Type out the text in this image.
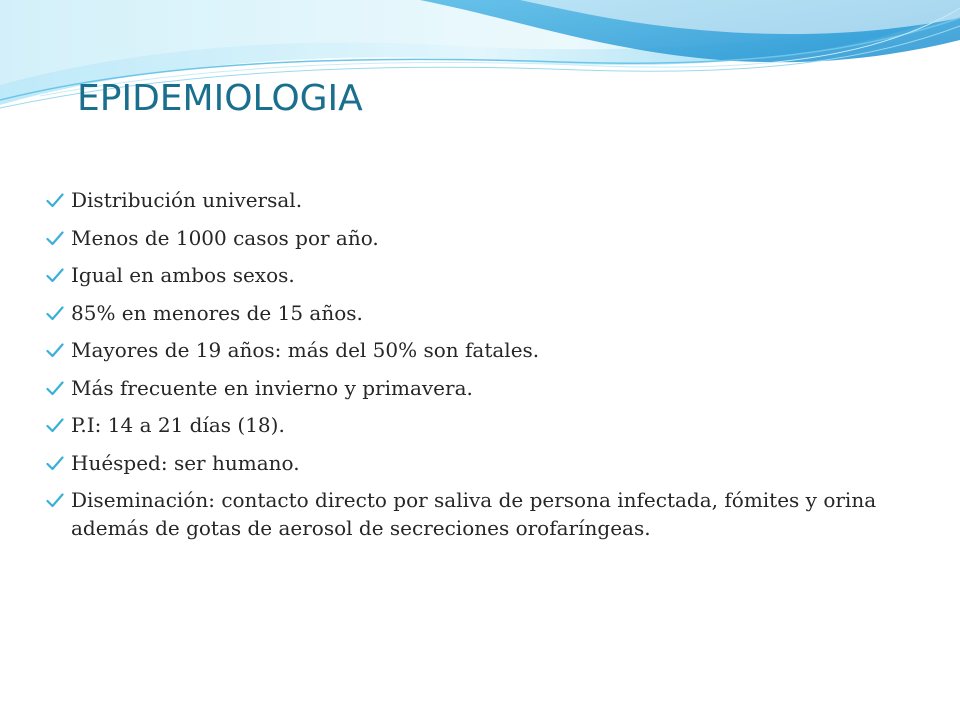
EPIDEMIOLOGIA
Distribución universal.
Menos de 1000 casos por año.
Igual en ambos sexos.
85% en menores de 15 años.
Mayores de 19 años: más del 50% son fatales.
Más frecuente en invierno y primavera.
P.I: 14 a 21 días (18).
Huésped: ser humano.
Diseminación: contacto directo por saliva de persona infectada, fómites y orina además de gotas de aerosol de secreciones orofaríngeas.
